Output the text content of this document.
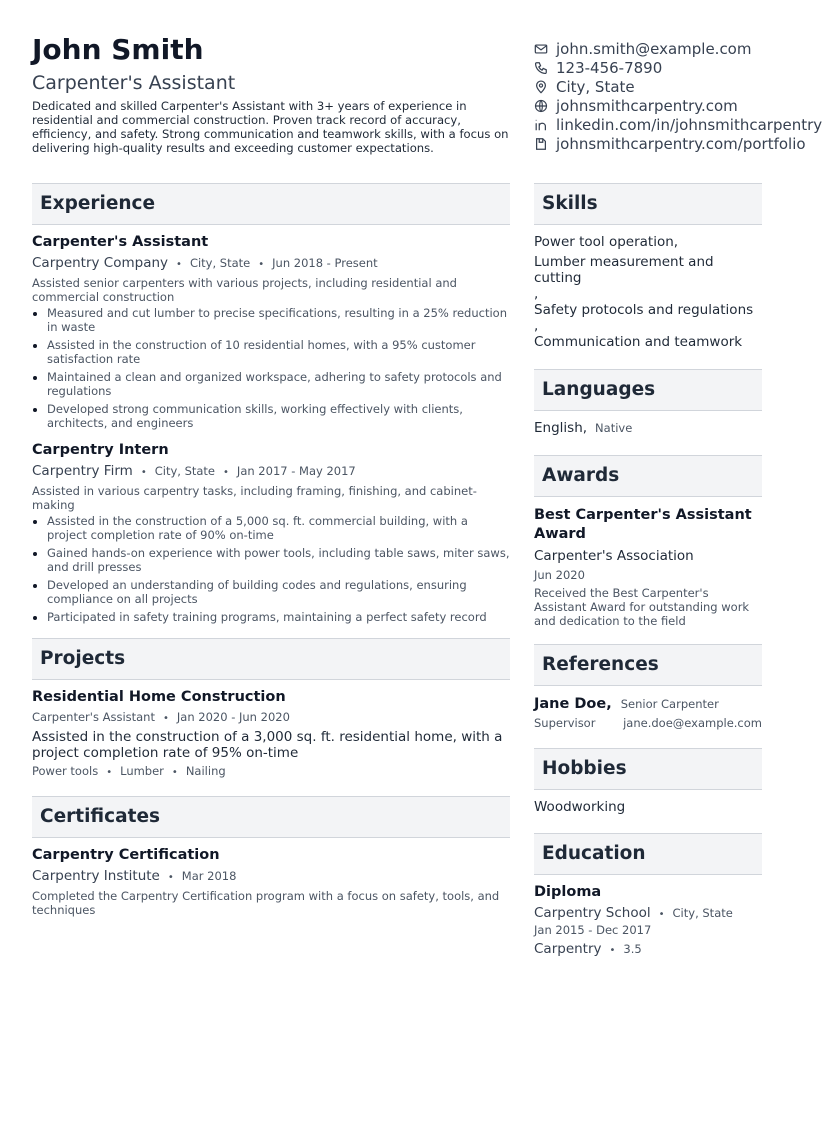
John Smith
Carpenter's Assistant
Dedicated and skilled Carpenter's Assistant with 3+ years of experience in residential and commercial construction. Proven track record of accuracy, efficiency, and safety. Strong communication and teamwork skills, with a focus on delivering high-quality results and exceeding customer expectations.
john.smith@example.com
123-456-7890
City, State
johnsmithcarpentry.com
linkedin.com/in/johnsmithcarpentry
johnsmithcarpentry.com/portfolio
Experience
Carpenter's Assistant
Carpentry Company • City, State • Jun 2018 - Present
Assisted senior carpenters with various projects, including residential and commercial construction
• Measured and cut lumber to precise specifications, resulting in a 25% reduction in waste
• Assisted in the construction of 10 residential homes, with a 95% customer satisfaction rate
• Maintained a clean and organized workspace, adhering to safety protocols and regulations
• Developed strong communication skills, working effectively with clients, architects, and engineers
Carpentry Intern
Carpentry Firm • City, State • Jan 2017 - May 2017
Assisted in various carpentry tasks, including framing, finishing, and cabinet-making
• Assisted in the construction of a 5,000 sq. ft. commercial building, with a project completion rate of 90% on-time
• Gained hands-on experience with power tools, including table saws, miter saws, and drill presses
• Developed an understanding of building codes and regulations, ensuring compliance on all projects
• Participated in safety training programs, maintaining a perfect safety record
Projects
Residential Home Construction
Carpenter's Assistant • Jan 2020 - Jun 2020
Assisted in the construction of a 3,000 sq. ft. residential home, with a project completion rate of 95% on-time
Power tools • Lumber • Nailing
Certificates
Carpentry Certification
Carpentry Institute • Mar 2018
Completed the Carpentry Certification program with a focus on safety, tools, and techniques
Skills
Power tool operation,
Lumber measurement and cutting
,
Safety protocols and regulations
,
Communication and teamwork
Languages
English, Native
Awards
Best Carpenter's Assistant Award
Carpenter's Association
Jun 2020
Received the Best Carpenter's Assistant Award for outstanding work and dedication to the field
References
Jane Doe, Senior Carpenter
Supervisor jane.doe@example.com
Hobbies
Woodworking
Education
Diploma
Carpentry School • City, State
Jan 2015 - Dec 2017
Carpentry • 3.5
